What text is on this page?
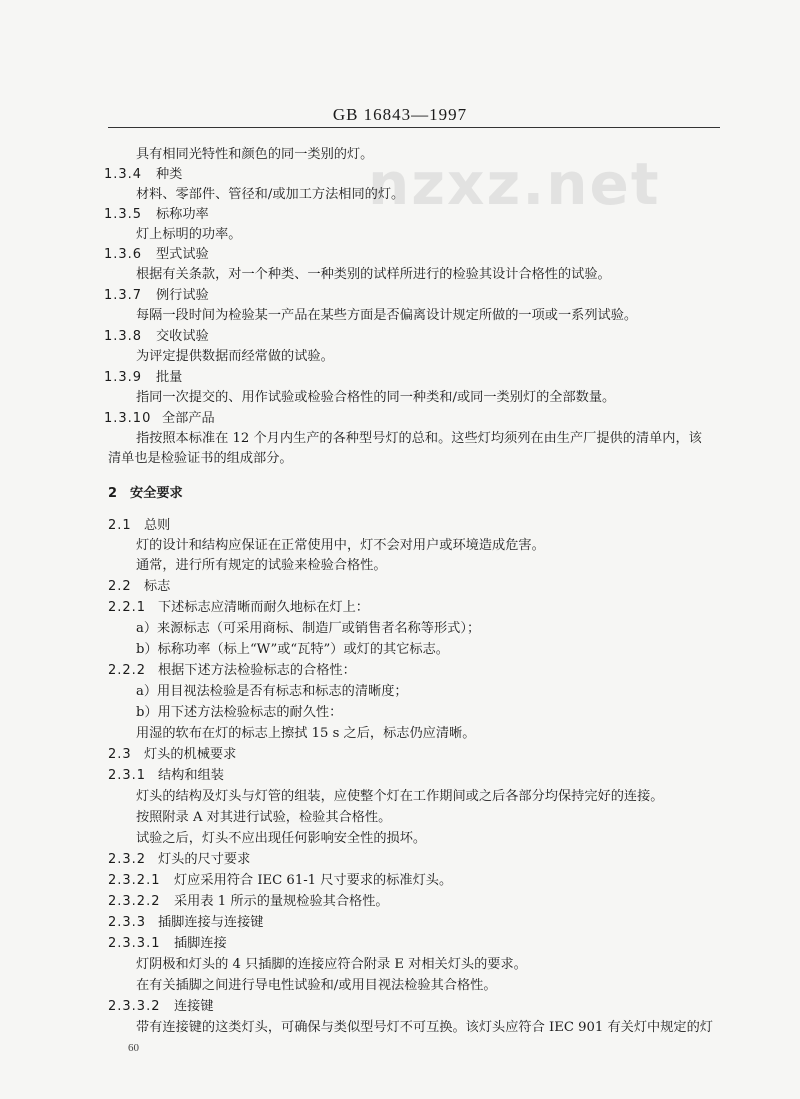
GB 16843—1997
nzxz.net
具有相同光特性和颜色的同一类别的灯。
1.3.4 种类
材料、零部件、管径和/或加工方法相同的灯。
1.3.5 标称功率
灯上标明的功率。
1.3.6 型式试验
根据有关条款，对一个种类、一种类别的试样所进行的检验其设计合格性的试验。
1.3.7 例行试验
每隔一段时间为检验某一产品在某些方面是否偏离设计规定所做的一项或一系列试验。
1.3.8 交收试验
为评定提供数据而经常做的试验。
1.3.9 批量
指同一次提交的、用作试验或检验合格性的同一种类和/或同一类别灯的全部数量。
1.3.10 全部产品
指按照本标准在 12 个月内生产的各种型号灯的总和。这些灯均须列在由生产厂提供的清单内，该
清单也是检验证书的组成部分。
2 安全要求
2.1 总则
灯的设计和结构应保证在正常使用中，灯不会对用户或环境造成危害。
通常，进行所有规定的试验来检验合格性。
2.2 标志
2.2.1 下述标志应清晰而耐久地标在灯上：
a）来源标志（可采用商标、制造厂或销售者名称等形式）；
b）标称功率（标上“W”或“瓦特”）或灯的其它标志。
2.2.2 根据下述方法检验标志的合格性：
a）用目视法检验是否有标志和标志的清晰度；
b）用下述方法检验标志的耐久性：
用湿的软布在灯的标志上擦拭 15 s 之后，标志仍应清晰。
2.3 灯头的机械要求
2.3.1 结构和组装
灯头的结构及灯头与灯管的组装，应使整个灯在工作期间或之后各部分均保持完好的连接。
按照附录 A 对其进行试验，检验其合格性。
试验之后，灯头不应出现任何影响安全性的损坏。
2.3.2 灯头的尺寸要求
2.3.2.1 灯应采用符合 IEC 61-1 尺寸要求的标准灯头。
2.3.2.2 采用表 1 所示的量规检验其合格性。
2.3.3 插脚连接与连接键
2.3.3.1 插脚连接
灯阴极和灯头的 4 只插脚的连接应符合附录 E 对相关灯头的要求。
在有关插脚之间进行导电性试验和/或用目视法检验其合格性。
2.3.3.2 连接键
带有连接键的这类灯头，可确保与类似型号灯不可互换。该灯头应符合 IEC 901 有关灯中规定的灯
60
